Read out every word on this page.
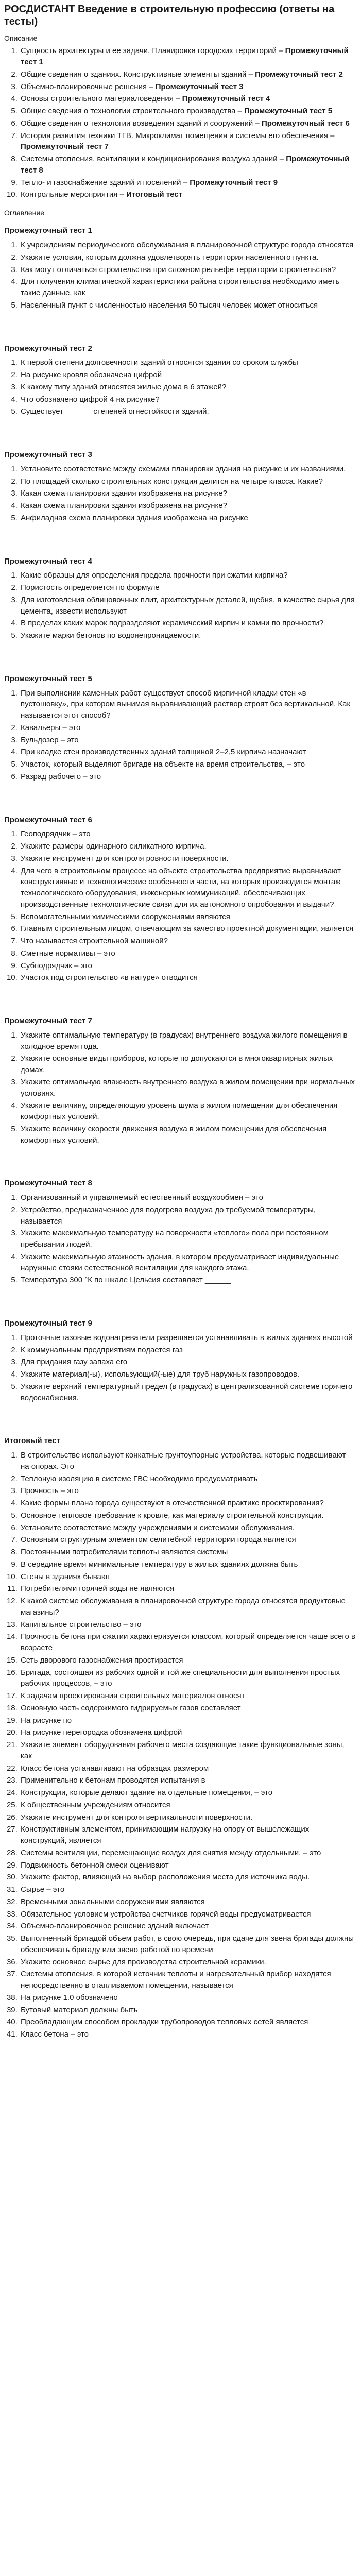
РОСДИСТАНТ Введение в строительную профессию (ответы на тесты)
Описание
1. Сущность архитектуры и ее задачи. Планировка городских территорий – Промежуточный тест 1
2. Общие сведения о зданиях. Конструктивные элементы зданий – Промежуточный тест 2
3. Объемно-планировочные решения – Промежуточный тест 3
4. Основы строительного материаловедения – Промежуточный тест 4
5. Общие сведения о технологии строительного производства – Промежуточный тест 5
6. Общие сведения о технологии возведения зданий и сооружений – Промежуточный тест 6
7. История развития техники ТГВ. Микроклимат помещения и системы его обеспечения – Промежуточный тест 7
8. Системы отопления, вентиляции и кондиционирования воздуха зданий – Промежуточный тест 8
9. Тепло- и газоснабжение зданий и поселений – Промежуточный тест 9
10. Контрольные мероприятия – Итоговый тест
Оглавление
Промежуточный тест 1
1. К учреждениям периодического обслуживания в планировочной структуре города относятся
2. Укажите условия, которым должна удовлетворять территория населенного пункта.
3. Как могут отличаться строительства при сложном рельефе территории строительства?
4. Для получения климатической характеристики района строительства необходимо иметь такие данные, как
5. Населенный пункт с численностью населения 50 тысяч человек может относиться
Промежуточный тест 2
1. К первой степени долговечности зданий относятся здания со сроком службы
2. На рисунке кровля обозначена цифрой
3. К какому типу зданий относятся жилые дома в 6 этажей?
4. Что обозначено цифрой 4 на рисунке?
5. Существует ______ степеней огнестойкости зданий.
Промежуточный тест 3
1. Установите соответствие между схемами планировки здания на рисунке и их названиями.
2. По площадей сколько строительных конструкция делится на четыре класса. Какие?
3. Какая схема планировки здания изображена на рисунке?
4. Какая схема планировки здания изображена на рисунке?
5. Анфиладная схема планировки здания изображена на рисунке
Промежуточный тест 4
1. Какие образцы для определения предела прочности при сжатии кирпича?
2. Пористость определяется по формуле
3. Для изготовления облицовочных плит, архитектурных деталей, щебня, в качестве сырья для цемента, извести используют
4. В пределах каких марок подразделяют керамический кирпич и камни по прочности?
5. Укажите марки бетонов по водонепроницаемости.
Промежуточный тест 5
1. При выполнении каменных работ существует способ кирпичной кладки стен «в пустошовку», при котором вынимая выравнивающий раствор строят без вертикальной. Как называется этот способ?
2. Кавальеры – это
3. Бульдозер – это
4. При кладке стен производственных зданий толщиной 2–2,5 кирпича назначают
5. Участок, который выделяют бригаде на объекте на время строительства, – это
6. Разрад рабочего – это
Промежуточный тест 6
1. Геоподрядчик – это
2. Укажите размеры одинарного силикатного кирпича.
3. Укажите инструмент для контроля ровности поверхности.
4. Для чего в строительном процессе на объекте строительства предприятие выравнивают конструктивные и технологические особенности части, на которых производится монтаж технологического оборудования, инженерных коммуникаций, обеспечивающих производственные технологические связи для их автономного опробования и выдачи?
5. Вспомогательными химическими сооружениями являются
6. Главным строительным лицом, отвечающим за качество проектной документации, является
7. Что называется строительной машиной?
8. Сметные нормативы – это
9. Субподрядчик – это
10. Участок под строительство «в натуре» отводится
Промежуточный тест 7
1. Укажите оптимальную температуру (в градусах) внутреннего воздуха жилого помещения в холодное время года.
2. Укажите основные виды приборов, которые по допускаются в многоквартирных жилых домах.
3. Укажите оптимальную влажность внутреннего воздуха в жилом помещении при нормальных условиях.
4. Укажите величину, определяющую уровень шума в жилом помещении для обеспечения комфортных условий.
5. Укажите величину скорости движения воздуха в жилом помещении для обеспечения комфортных условий.
Промежуточный тест 8
1. Организованный и управляемый естественный воздухообмен – это
2. Устройство, предназначенное для подогрева воздуха до требуемой температуры, называется
3. Укажите максимальную температуру на поверхности «теплого» пола при постоянном пребывании людей.
4. Укажите максимальную этажность здания, в котором предусматривает индивидуальные наружные стояки естественной вентиляции для каждого этажа.
5. Температура 300 °К по шкале Цельсия составляет ______
Промежуточный тест 9
1. Проточные газовые водонагреватели разрешается устанавливать в жилых зданиях высотой
2. К коммунальным предприятиям подается газ
3. Для придания газу запаха его
4. Укажите материал(-ы), использующий(-ые) для труб наружных газопроводов.
5. Укажите верхний температурный предел (в градусах) в централизованной системе горячего водоснабжения.
Итоговый тест
1. В строительстве используют конкатные грунтоупорные устройства, которые подвешивают на опорах. Это
2. Теплоную изоляцию в системе ГВС необходимо предусматривать
3. Прочность – это
4. Какие формы плана города существуют в отечественной практике проектирования?
5. Основное тепловое требование к кровле, как материалу строительной конструкции.
6. Установите соответствие между учреждениями и системами обслуживания.
7. Основным структурным элементом селитебной территории города является
8. Постоянными потребителями теплоты являются системы
9. В середине время минимальные температуру в жилых зданиях должна быть
10. Стены в зданиях бывают
11. Потребителями горячей воды не являются
12. К какой системе обслуживания в планировочной структуре города относятся продуктовые магазины?
13. Капитальное строительство – это
14. Прочность бетона при сжатии характеризуется классом, который определяется чаще всего в возрасте
15. Сеть дворового газоснабжения простирается
16. Бригада, состоящая из рабочих одной и той же специальности для выполнения простых рабочих процессов, – это
17. К задачам проектирования строительных материалов относят
18. Основную часть содержимого гидрируемых газов составляет
19. На рисунке по
20. На рисунке перегородка обозначена цифрой
21. Укажите элемент оборудования рабочего места создающие такие функциональные зоны, как
22. Класс бетона устанавливают на образцах размером
23. Применительно к бетонам проводятся испытания в
24. Конструкции, которые делают здание на отдельные помещения, – это
25. К общественным учреждениям относится
26. Укажите инструмент для контроля вертикальности поверхности.
27. Конструктивным элементом, принимающим нагрузку на опору от вышележащих конструкций, является
28. Системы вентиляции, перемещающие воздух для снятия между отдельными, – это
29. Подвижность бетонной смеси оценивают
30. Укажите фактор, влияющий на выбор расположения места для источника воды.
31. Сырье – это
32. Временными зональными сооружениями являются
33. Обязательное условием устройства счетчиков горячей воды предусматривается
34. Объемно-планировочное решение зданий включает
35. Выполненный бригадой объем работ, в свою очередь, при сдаче для звена бригады должны обеспечивать бригаду или звено работой по времени
36. Укажите основное сырье для производства строительной керамики.
37. Системы отопления, в которой источник теплоты и нагревательный прибор находятся непосредственно в отапливаемом помещении, называется
38. На рисунке 1.0 обозначено
39. Бутовый материал должны быть
40. Преобладающим способом прокладки трубопроводов тепловых сетей является
41. Класс бетона – это
